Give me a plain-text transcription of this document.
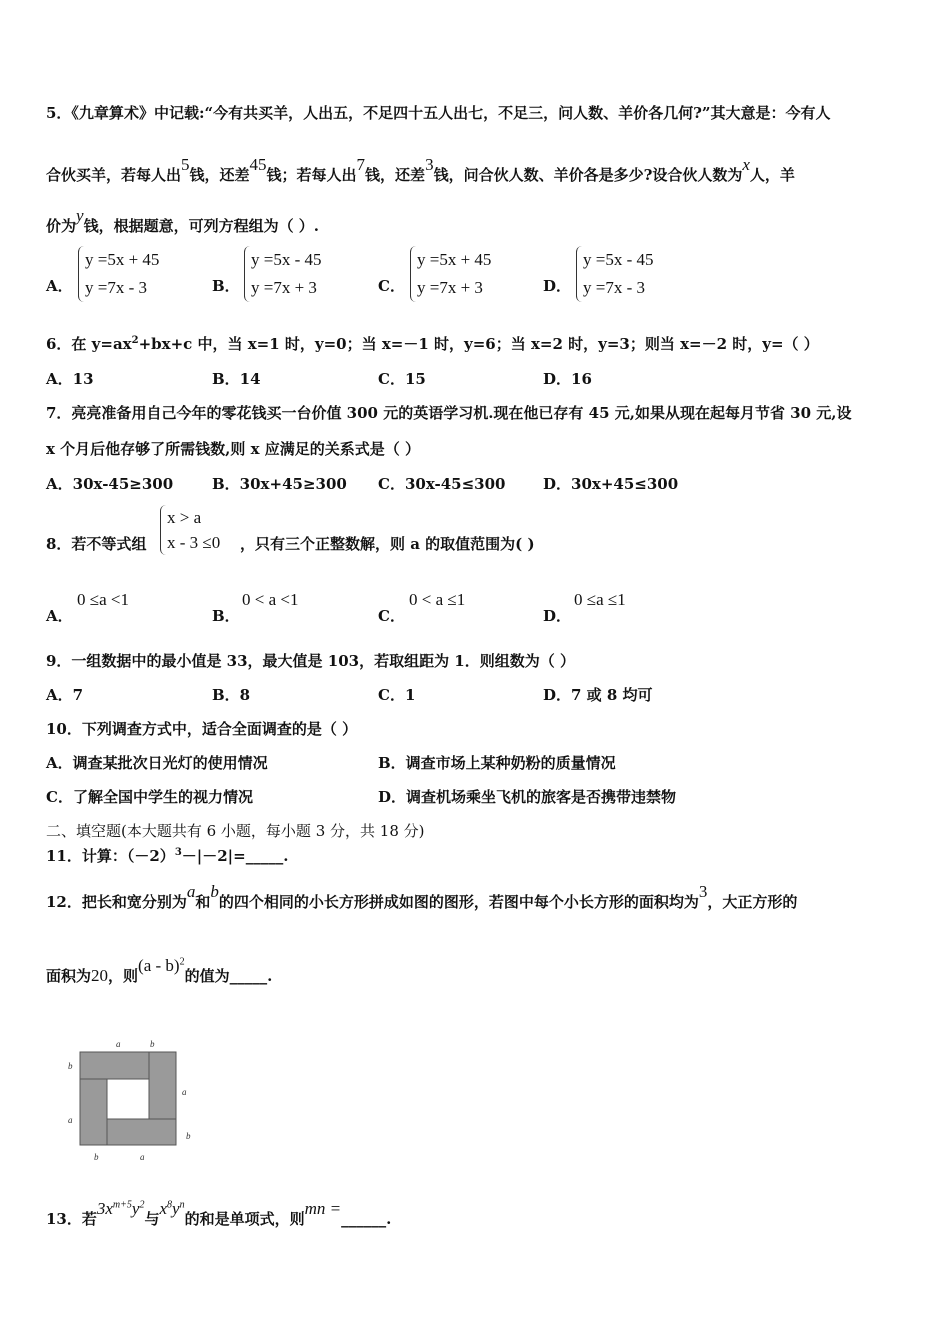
5．《九章算术》中记载:“今有共买羊，人出五，不足四十五人出七，不足三，问人数、羊价各几何?”其大意是：今有人
合伙买羊，若每人出5钱，还差45钱；若每人出7钱，还差3钱，问合伙人数、羊价各是多少?设合伙人数为x人，羊
价为y钱，根据题意，可列方程组为（ ）.
A．
y =5x + 45
y =7x - 3	B．
y =5x - 45
y =7x + 3	C．
y =5x + 45
y =7x + 3	D．
y =5x - 45
y =7x - 3
6．在 $y=ax^2+bx+c$ 中，当 x=1 时，y=0；当 x=－1 时，y=6；当 x=2 时，y=3；则当 x=－2 时，y=（ ）
A．13	B．14	C．15	D．16
7．亮亮准备用自己今年的零花钱买一台价值 300 元的英语学习机.现在他已存有 45 元,如果从现在起每月节省 30 元,设
x 个月后他存够了所需钱数,则 x 应满足的关系式是（ ）
A．30x-45≥300	B．30x+45≥300 C．30x-45≤300	D．30x+45≤300
8．若不等式组
x > a
x - 3 ≤0 ，只有三个正整数解，则 a 的取值范围为( )
A．
0 ≤a <1
B．
0 < a <1
C．
0 < a ≤1
D．
0 ≤a ≤1
9．一组数据中的最小值是 33，最大值是 103，若取组距为 1．则组数为（ ）
A．7	B．8	C．1	D．7 或 8 均可
10．下列调查方式中，适合全面调查的是（ ）
A．调查某批次日光灯的使用情况	B．调查市场上某种奶粉的质量情况
C．了解全国中学生的视力情况	D．调查机场乘坐飞机的旅客是否携带违禁物
二、填空题(本大题共有 6 小题，每小题 3 分，共 18 分)
11．计算：$(-2)^3-|-2|=\_\_\_\_\_$.
12．把长和宽分别为a和b的四个相同的小长方形拼成如图的图形，若图中每个小长方形的面积均为3，大正方形的
面积为20，则(a - b)$^2$的值为_____.
a	b
b
a
a
b
b	a
13．若$3x^{m+5}y^2$与$x^8y^n$的和是单项式，则mn =______.
